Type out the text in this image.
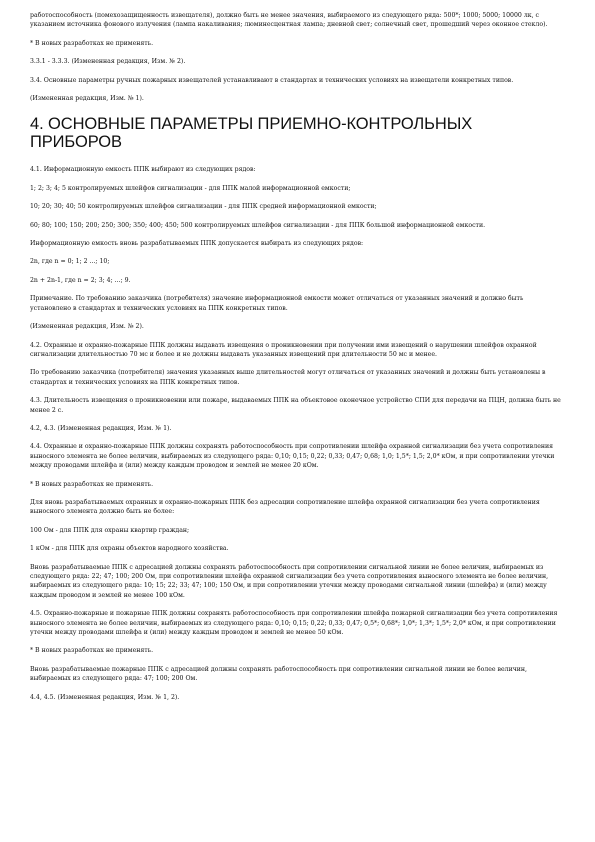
работоспособность (помехозащищенность извещателя), должно быть не менее значения, выбираемого из следующего ряда: 500*; 1000; 5000; 10000 лк, с указанием источника фонового излучения (лампа накаливания; люминесцентная лампа; дневной свет; солнечный свет, прошедший через оконное стекло).

* В новых разработках не применять.

3.3.1 - 3.3.3. (Измененная редакция, Изм. № 2).

3.4. Основные параметры ручных пожарных извещателей устанавливают в стандартах и технических условиях на извещатели конкретных типов.

(Измененная редакция, Изм. № 1).

4. ОСНОВНЫЕ ПАРАМЕТРЫ ПРИЕМНО-КОНТРОЛЬНЫХ ПРИБОРОВ

4.1. Информационную емкость ППК выбирают из следующих рядов:

1; 2; 3; 4; 5 контролируемых шлейфов сигнализации - для ППК малой информационной емкости;

10; 20; 30; 40; 50 контролируемых шлейфов сигнализации - для ППК средней информационной емкости;

60; 80; 100; 150; 200; 250; 300; 350; 400; 450; 500 контролируемых шлейфов сигнализации - для ППК большой информационной емкости.

Информационную емкость вновь разрабатываемых ППК допускается выбирать из следующих рядов:

2n, где n = 0; 1; 2 ...; 10;

2n + 2n-1, где n = 2; 3; 4; ...; 9.

Примечание. По требованию заказчика (потребителя) значение информационной емкости может отличаться от указанных значений и должно быть установлено в стандартах и технических условиях на ППК конкретных типов.

(Измененная редакция, Изм. № 2).

4.2. Охранные и охранно-пожарные ППК должны выдавать извещения о проникновении при получении ими извещений о нарушении шлейфов охранной сигнализации длительностью 70 мс и более и не должны выдавать указанных извещений при длительности 50 мс и менее.

По требованию заказчика (потребителя) значения указанных выше длительностей могут отличаться от указанных значений и должны быть установлены в стандартах и технических условиях на ППК конкретных типов.

4.3. Длительность извещения о проникновении или пожаре, выдаваемых ППК на объектовое оконечное устройство СПИ для передачи на ПЦН, должна быть не менее 2 с.

4.2, 4.3. (Измененная редакция, Изм. № 1).

4.4. Охранные и охранно-пожарные ППК должны сохранять работоспособность при сопротивлении шлейфа охранной сигнализации без учета сопротивления выносного элемента не более величин, выбираемых из следующего ряда: 0,10; 0,15; 0,22; 0,33; 0,47; 0,68; 1,0; 1,5*; 1,5; 2,0* кОм, и при сопротивлении утечки между проводами шлейфа и (или) между каждым проводом и землей не менее 20 кОм.

* В новых разработках не применять.

Для вновь разрабатываемых охранных и охранно-пожарных ППК без адресации сопротивление шлейфа охранной сигнализации без учета сопротивления выносного элемента должно быть не более:

100 Ом - для ППК для охраны квартир граждан;

1 кОм - для ППК для охраны объектов народного хозяйства.

Вновь разрабатываемые ППК с адресацией должны сохранять работоспособность при сопротивлении сигнальной линии не более величин, выбираемых из следующего ряда: 22; 47; 100; 200 Ом, при сопротивлении шлейфа охранной сигнализации без учета сопротивления выносного элемента не более величин, выбираемых из следующего ряда: 10; 15; 22; 33; 47; 100; 150 Ом, и при сопротивлении утечки между проводами сигнальной линии (шлейфа) и (или) между каждым проводом и землей не менее 100 кОм.

4.5. Охранно-пожарные и пожарные ППК должны сохранять работоспособность при сопротивлении шлейфа пожарной сигнализации без учета сопротивления выносного элемента не более величин, выбираемых из следующего ряда: 0,10; 0,15; 0,22; 0,33; 0,47; 0,5*; 0,68*; 1,0*; 1,3*; 1,5*; 2,0* кОм, и при сопротивлении утечки между проводами шлейфа и (или) между каждым проводом и землей не менее 50 кОм.

* В новых разработках не применять.

Вновь разрабатываемые пожарные ППК с адресацией должны сохранять работоспособность при сопротивлении сигнальной линии не более величин, выбираемых из следующего ряда: 47; 100; 200 Ом.

4.4, 4.5. (Измененная редакция, Изм. № 1, 2).
